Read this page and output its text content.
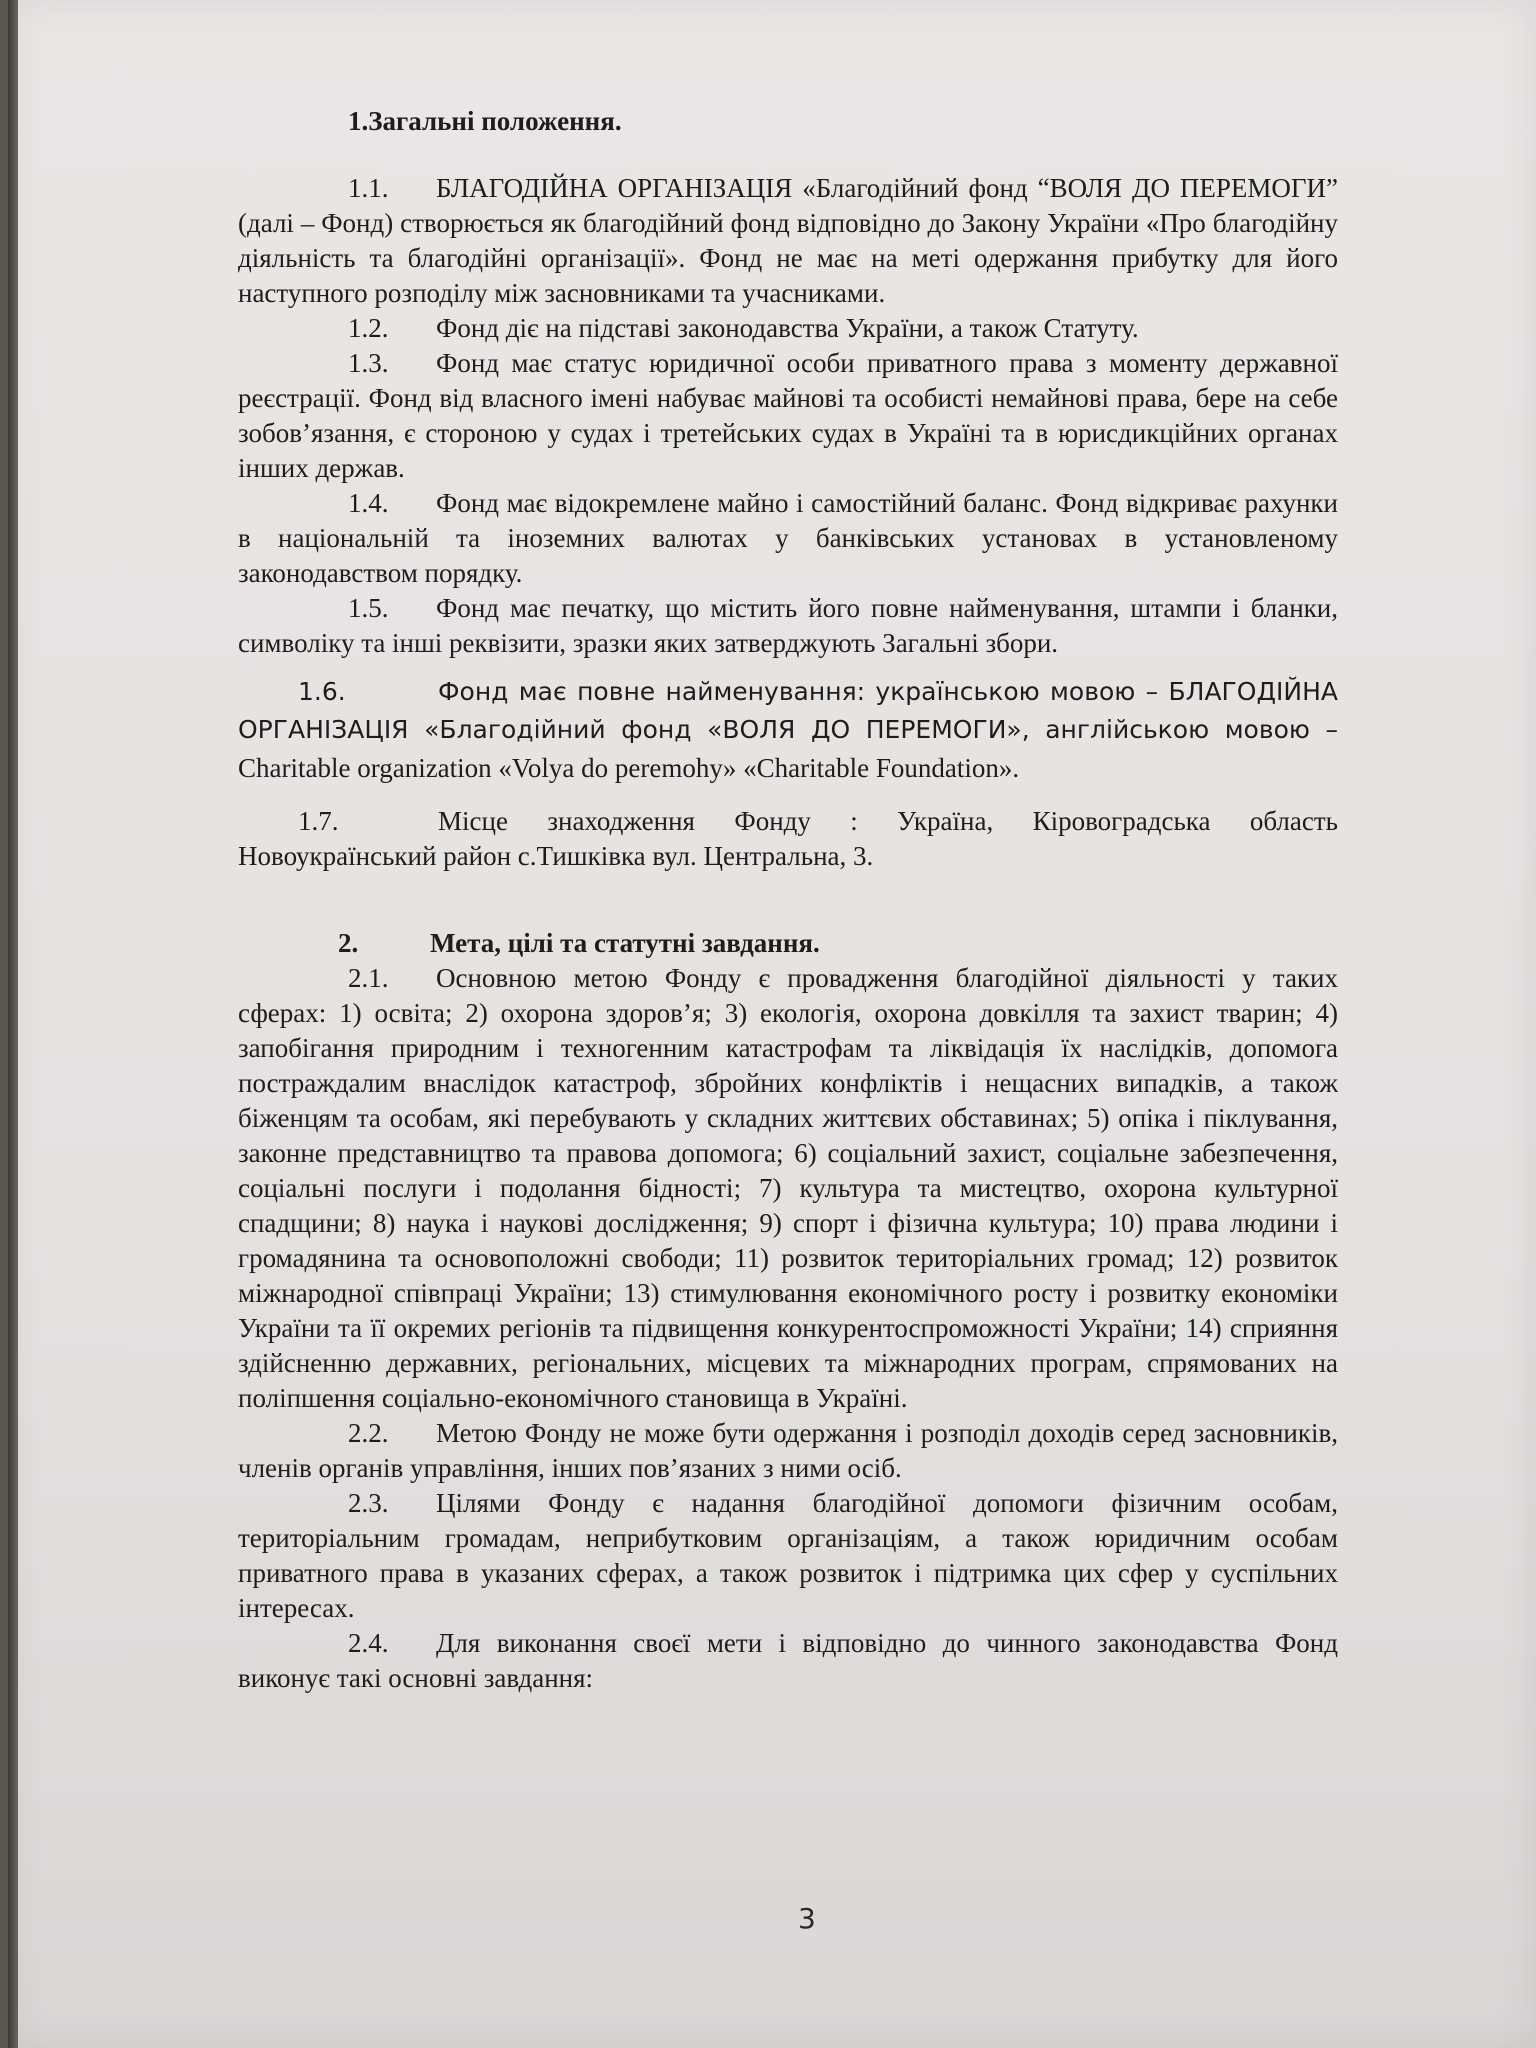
1.Загальні положення.

1.1. БЛАГОДІЙНА ОРГАНІЗАЦІЯ «Благодійний фонд “ВОЛЯ ДО ПЕРЕМОГИ” (далі – Фонд) створюється як благодійний фонд відповідно до Закону України «Про благодійну діяльність та благодійні організації». Фонд не має на меті одержання прибутку для його наступного розподілу між засновниками та учасниками.

1.2. Фонд діє на підставі законодавства України, а також Статуту.

1.3. Фонд має статус юридичної особи приватного права з моменту державної реєстрації. Фонд від власного імені набуває майнові та особисті немайнові права, бере на себе зобов’язання, є стороною у судах і третейських судах в Україні та в юрисдикційних органах інших держав.

1.4. Фонд має відокремлене майно і самостійний баланс. Фонд відкриває рахунки в національній та іноземних валютах у банківських установах в установленому законодавством порядку.

1.5. Фонд має печатку, що містить його повне найменування, штампи і бланки, символіку та інші реквізити, зразки яких затверджують Загальні збори.

1.6.	Фонд має повне найменування: українською мовою – БЛАГОДІЙНА ОРГАНІЗАЦІЯ «Благодійний фонд «ВОЛЯ ДО ПЕРЕМОГИ», англійською мовою – Charitable organization «Volya do peremohy» «Charitable Foundation».

1.7.	Місце знаходження Фонду : Україна, Кіровоградська область Новоукраїнський район с.Тишківка вул. Центральна, 3.

2.	Мета, цілі та статутні завдання.

2.1. Основною метою Фонду є провадження благодійної діяльності у таких сферах: 1) освіта; 2) охорона здоров’я; 3) екологія, охорона довкілля та захист тварин; 4) запобігання природним і техногенним катастрофам та ліквідація їх наслідків, допомога постраждалим внаслідок катастроф, збройних конфліктів і нещасних випадків, а також біженцям та особам, які перебувають у складних життєвих обставинах; 5) опіка і піклування, законне представництво та правова допомога; 6) соціальний захист, соціальне забезпечення, соціальні послуги і подолання бідності; 7) культура та мистецтво, охорона культурної спадщини; 8) наука і наукові дослідження; 9) спорт і фізична культура; 10) права людини і громадянина та основоположні свободи; 11) розвиток територіальних громад; 12) розвиток міжнародної співпраці України; 13) стимулювання економічного росту і розвитку економіки України та її окремих регіонів та підвищення конкурентоспроможності України; 14) сприяння здійсненню державних, регіональних, місцевих та міжнародних програм, спрямованих на поліпшення соціально-економічного становища в Україні.

2.2. Метою Фонду не може бути одержання і розподіл доходів серед засновників, членів органів управління, інших пов’язаних з ними осіб.

2.3. Цілями Фонду є надання благодійної допомоги фізичним особам, територіальним громадам, неприбутковим організаціям, а також юридичним особам приватного права в указаних сферах, а також розвиток і підтримка цих сфер у суспільних інтересах.

2.4. Для виконання своєї мети і відповідно до чинного законодавства Фонд виконує такі основні завдання:

3
